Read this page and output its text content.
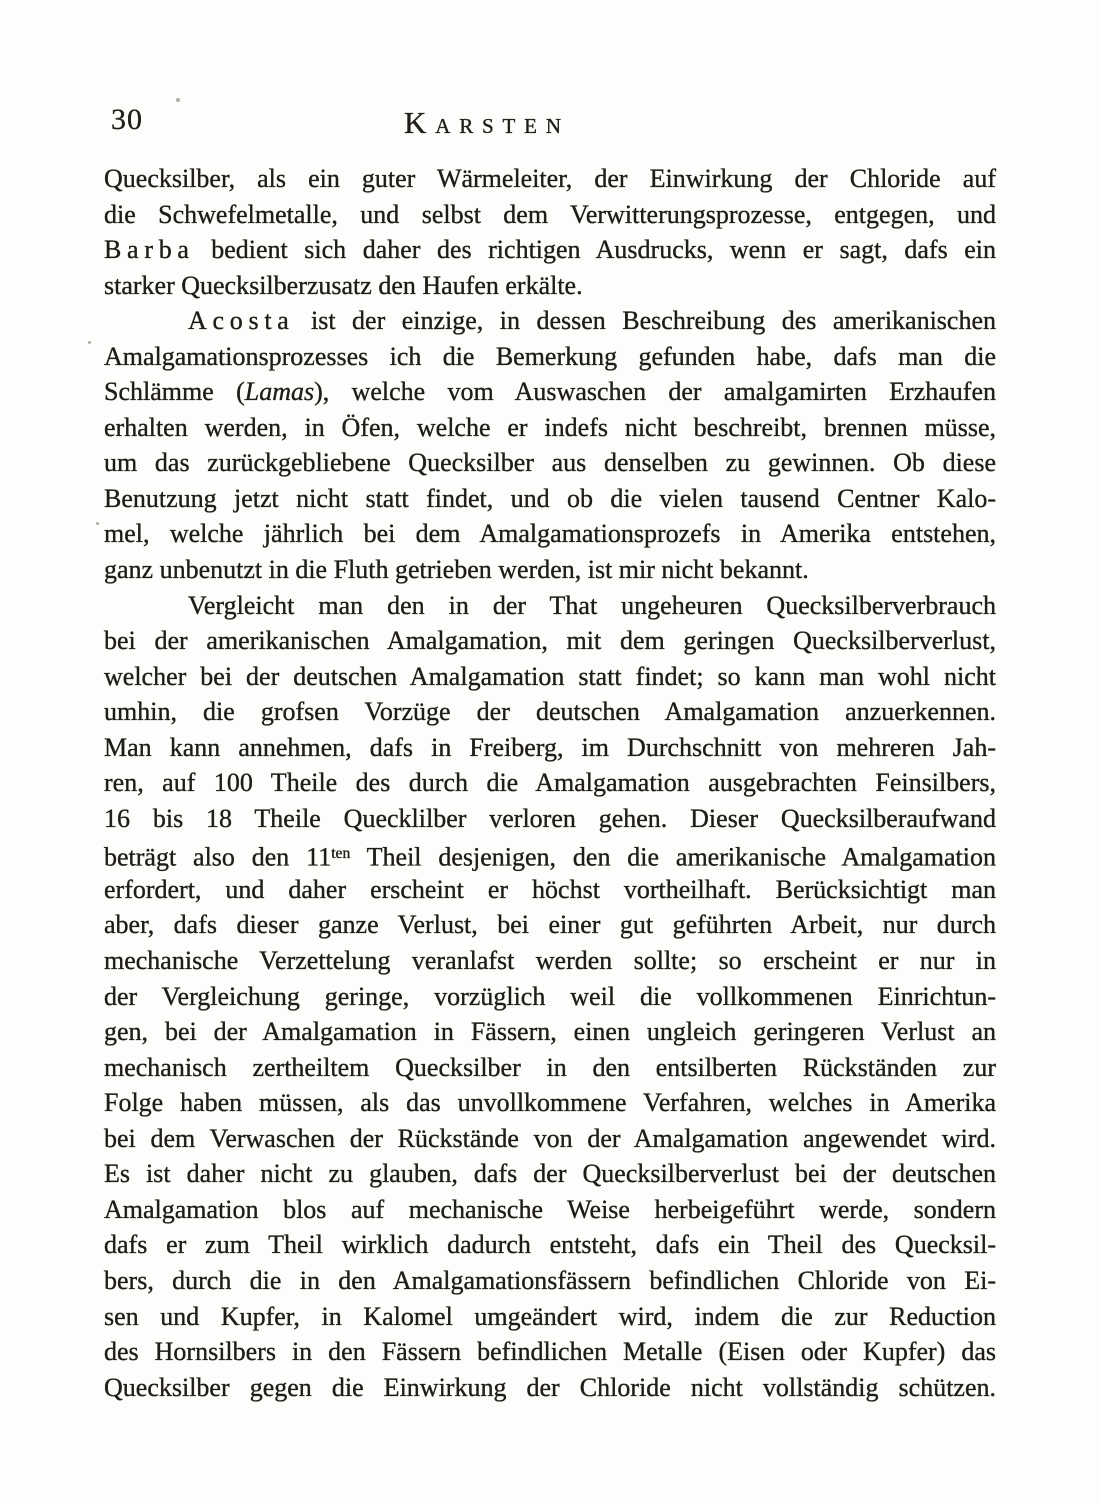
30	KARSTEN
Quecksilber, als ein guter Wärmeleiter, der Einwirkung der Chloride auf
die Schwefelmetalle, und selbst dem Verwitterungsprozesse, entgegen, und
Barba bedient sich daher des richtigen Ausdrucks, wenn er sagt, dafs ein
starker Quecksilberzusatz den Haufen erkälte.
Acosta ist der einzige, in dessen Beschreibung des amerikanischen
Amalgamationsprozesses ich die Bemerkung gefunden habe, dafs man die
Schlämme (Lamas), welche vom Auswaschen der amalgamirten Erzhaufen
erhalten werden, in Öfen, welche er indefs nicht beschreibt, brennen müsse,
um das zurückgebliebene Quecksilber aus denselben zu gewinnen. Ob diese
Benutzung jetzt nicht statt findet, und ob die vielen tausend Centner Kalo-
mel, welche jährlich bei dem Amalgamationsprozefs in Amerika entstehen,
ganz unbenutzt in die Fluth getrieben werden, ist mir nicht bekannt.
Vergleicht man den in der That ungeheuren Quecksilberverbrauch
bei der amerikanischen Amalgamation, mit dem geringen Quecksilberverlust,
welcher bei der deutschen Amalgamation statt findet; so kann man wohl nicht
umhin, die grofsen Vorzüge der deutschen Amalgamation anzuerkennen.
Man kann annehmen, dafs in Freiberg, im Durchschnitt von mehreren Jah-
ren, auf 100 Theile des durch die Amalgamation ausgebrachten Feinsilbers,
16 bis 18 Theile Quecklilber verloren gehen. Dieser Quecksilberaufwand
beträgt also den $11^{ten}$ Theil desjenigen, den die amerikanische Amalgamation
erfordert, und daher erscheint er höchst vortheilhaft. Berücksichtigt man
aber, dafs dieser ganze Verlust, bei einer gut geführten Arbeit, nur durch
mechanische Verzettelung veranlafst werden sollte; so erscheint er nur in
der Vergleichung geringe, vorzüglich weil die vollkommenen Einrichtun-
gen, bei der Amalgamation in Fässern, einen ungleich geringeren Verlust an
mechanisch zertheiltem Quecksilber in den entsilberten Rückständen zur
Folge haben müssen, als das unvollkommene Verfahren, welches in Amerika
bei dem Verwaschen der Rückstände von der Amalgamation angewendet wird.
Es ist daher nicht zu glauben, dafs der Quecksilberverlust bei der deutschen
Amalgamation blos auf mechanische Weise herbeigeführt werde, sondern
dafs er zum Theil wirklich dadurch entsteht, dafs ein Theil des Quecksil-
bers, durch die in den Amalgamationsfässern befindlichen Chloride von Ei-
sen und Kupfer, in Kalomel umgeändert wird, indem die zur Reduction
des Hornsilbers in den Fässern befindlichen Metalle (Eisen oder Kupfer) das
Quecksilber gegen die Einwirkung der Chloride nicht vollständig schützen.
